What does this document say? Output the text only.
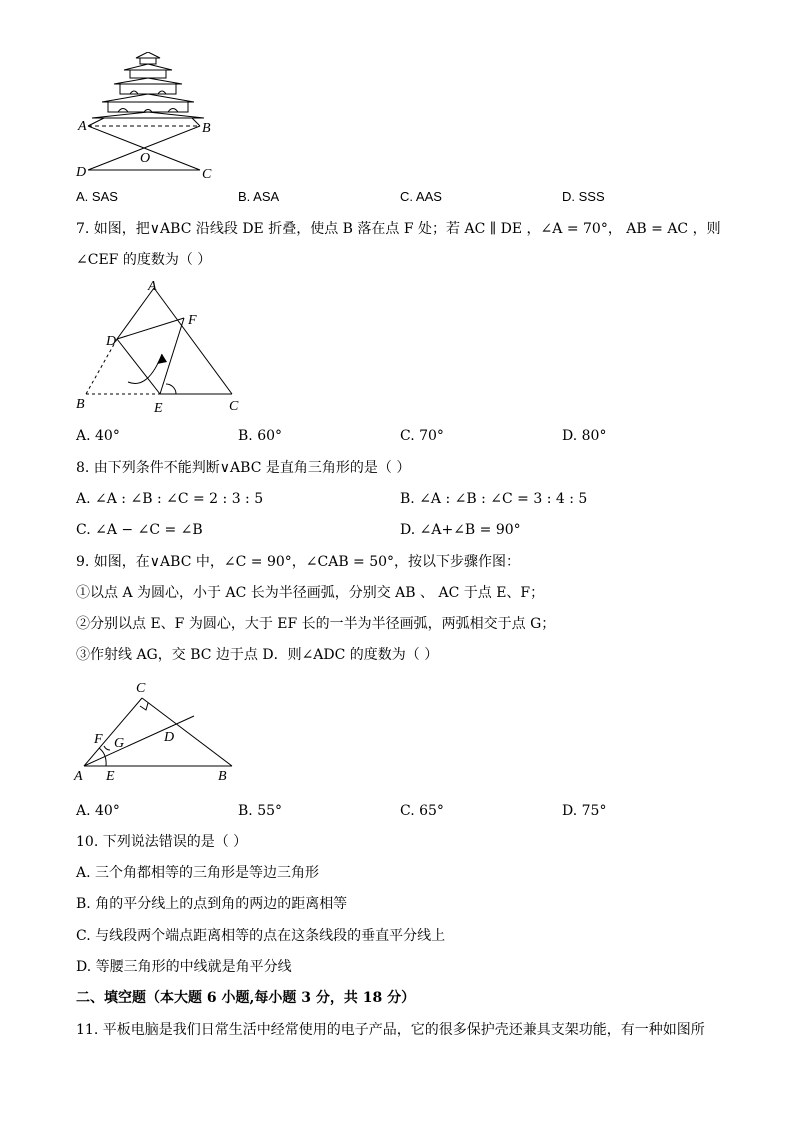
A	B
O
D	C
A. SAS	B. ASA	C. AAS	D. SSS
7. 如图，把∨ABC 沿线段 DE 折叠，使点 B 落在点 F 处；若 AC ∥ DE ，∠A = 70°， AB = AC ，则
∠CEF 的度数为（ ）
A
D
F
B	E	C
A. 40°	B. 60°	C. 70°	D. 80°
8. 由下列条件不能判断∨ABC 是直角三角形的是（ ）
A. ∠A : ∠B : ∠C = 2 : 3 : 5	B. ∠A : ∠B : ∠C = 3 : 4 : 5
C. ∠A − ∠C = ∠B	D. ∠A+∠B = 90°
9. 如图，在∨ABC 中，∠C = 90°，∠CAB = 50°，按以下步骤作图：
①以点 A 为圆心，小于 AC 长为半径画弧，分别交 AB 、 AC 于点 E、F；
②分别以点 E、F 为圆心，大于 EF 长的一半为半径画弧，两弧相交于点 G；
③作射线 AG，交 BC 边于点 D．则∠ADC 的度数为（ ）
C
F G	D
A E	B
A. 40°	B. 55°	C. 65°	D. 75°
10. 下列说法错误的是（ ）
A. 三个角都相等的三角形是等边三角形
B. 角的平分线上的点到角的两边的距离相等
C. 与线段两个端点距离相等的点在这条线段的垂直平分线上
D. 等腰三角形的中线就是角平分线
二、填空题（本大题 6 小题,每小题 3 分，共 18 分）
11. 平板电脑是我们日常生活中经常使用的电子产品，它的很多保护壳还兼具支架功能，有一种如图所
